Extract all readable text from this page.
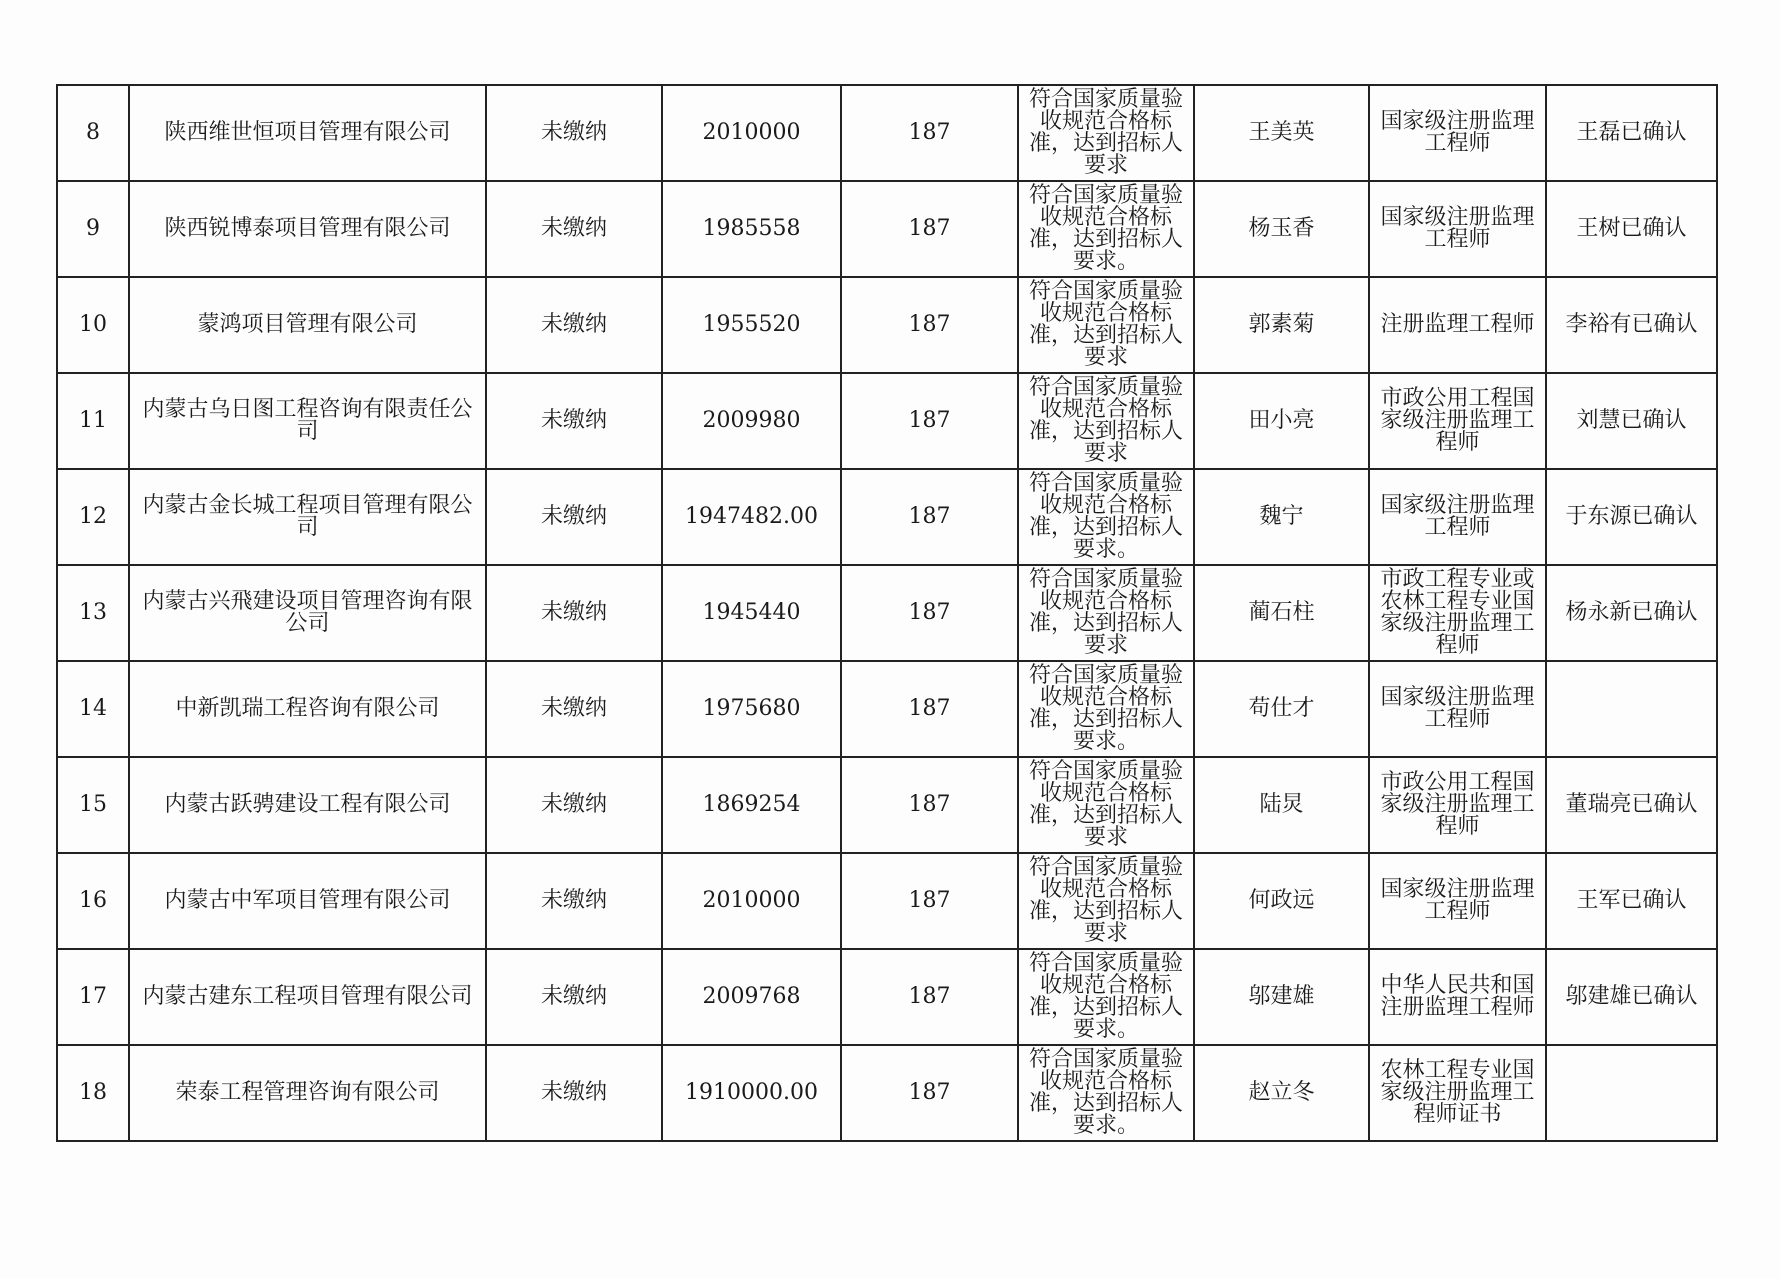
8	陕西维世恒项目管理有限公司	未缴纳	2010000	187	符合国家质量验收规范合格标准，达到招标人要求	王美英	国家级注册监理工程师	王磊已确认
9	陕西锐博泰项目管理有限公司	未缴纳	1985558	187	符合国家质量验收规范合格标准，达到招标人要求。	杨玉香	国家级注册监理工程师	王树已确认
10	蒙鸿项目管理有限公司	未缴纳	1955520	187	符合国家质量验收规范合格标准，达到招标人要求	郭素菊	注册监理工程师	李裕有已确认
11	内蒙古乌日图工程咨询有限责任公司	未缴纳	2009980	187	符合国家质量验收规范合格标准，达到招标人要求	田小亮	市政公用工程国家级注册监理工程师	刘慧已确认
12	内蒙古金长城工程项目管理有限公司	未缴纳	1947482.00	187	符合国家质量验收规范合格标准，达到招标人要求。	魏宁	国家级注册监理工程师	于东源已确认
13	内蒙古兴飛建设项目管理咨询有限公司	未缴纳	1945440	187	符合国家质量验收规范合格标准，达到招标人要求	蔺石柱	市政工程专业或农林工程专业国家级注册监理工程师	杨永新已确认
14	中新凯瑞工程咨询有限公司	未缴纳	1975680	187	符合国家质量验收规范合格标准，达到招标人要求。	苟仕才	国家级注册监理工程师	
15	内蒙古跃骋建设工程有限公司	未缴纳	1869254	187	符合国家质量验收规范合格标准，达到招标人要求	陆炅	市政公用工程国家级注册监理工程师	董瑞亮已确认
16	内蒙古中军项目管理有限公司	未缴纳	2010000	187	符合国家质量验收规范合格标准，达到招标人要求	何政远	国家级注册监理工程师	王军已确认
17	内蒙古建东工程项目管理有限公司	未缴纳	2009768	187	符合国家质量验收规范合格标准，达到招标人要求。	邬建雄	中华人民共和国注册监理工程师	邬建雄已确认
18	荣泰工程管理咨询有限公司	未缴纳	1910000.00	187	符合国家质量验收规范合格标准，达到招标人要求。	赵立冬	农林工程专业国家级注册监理工程师证书	
